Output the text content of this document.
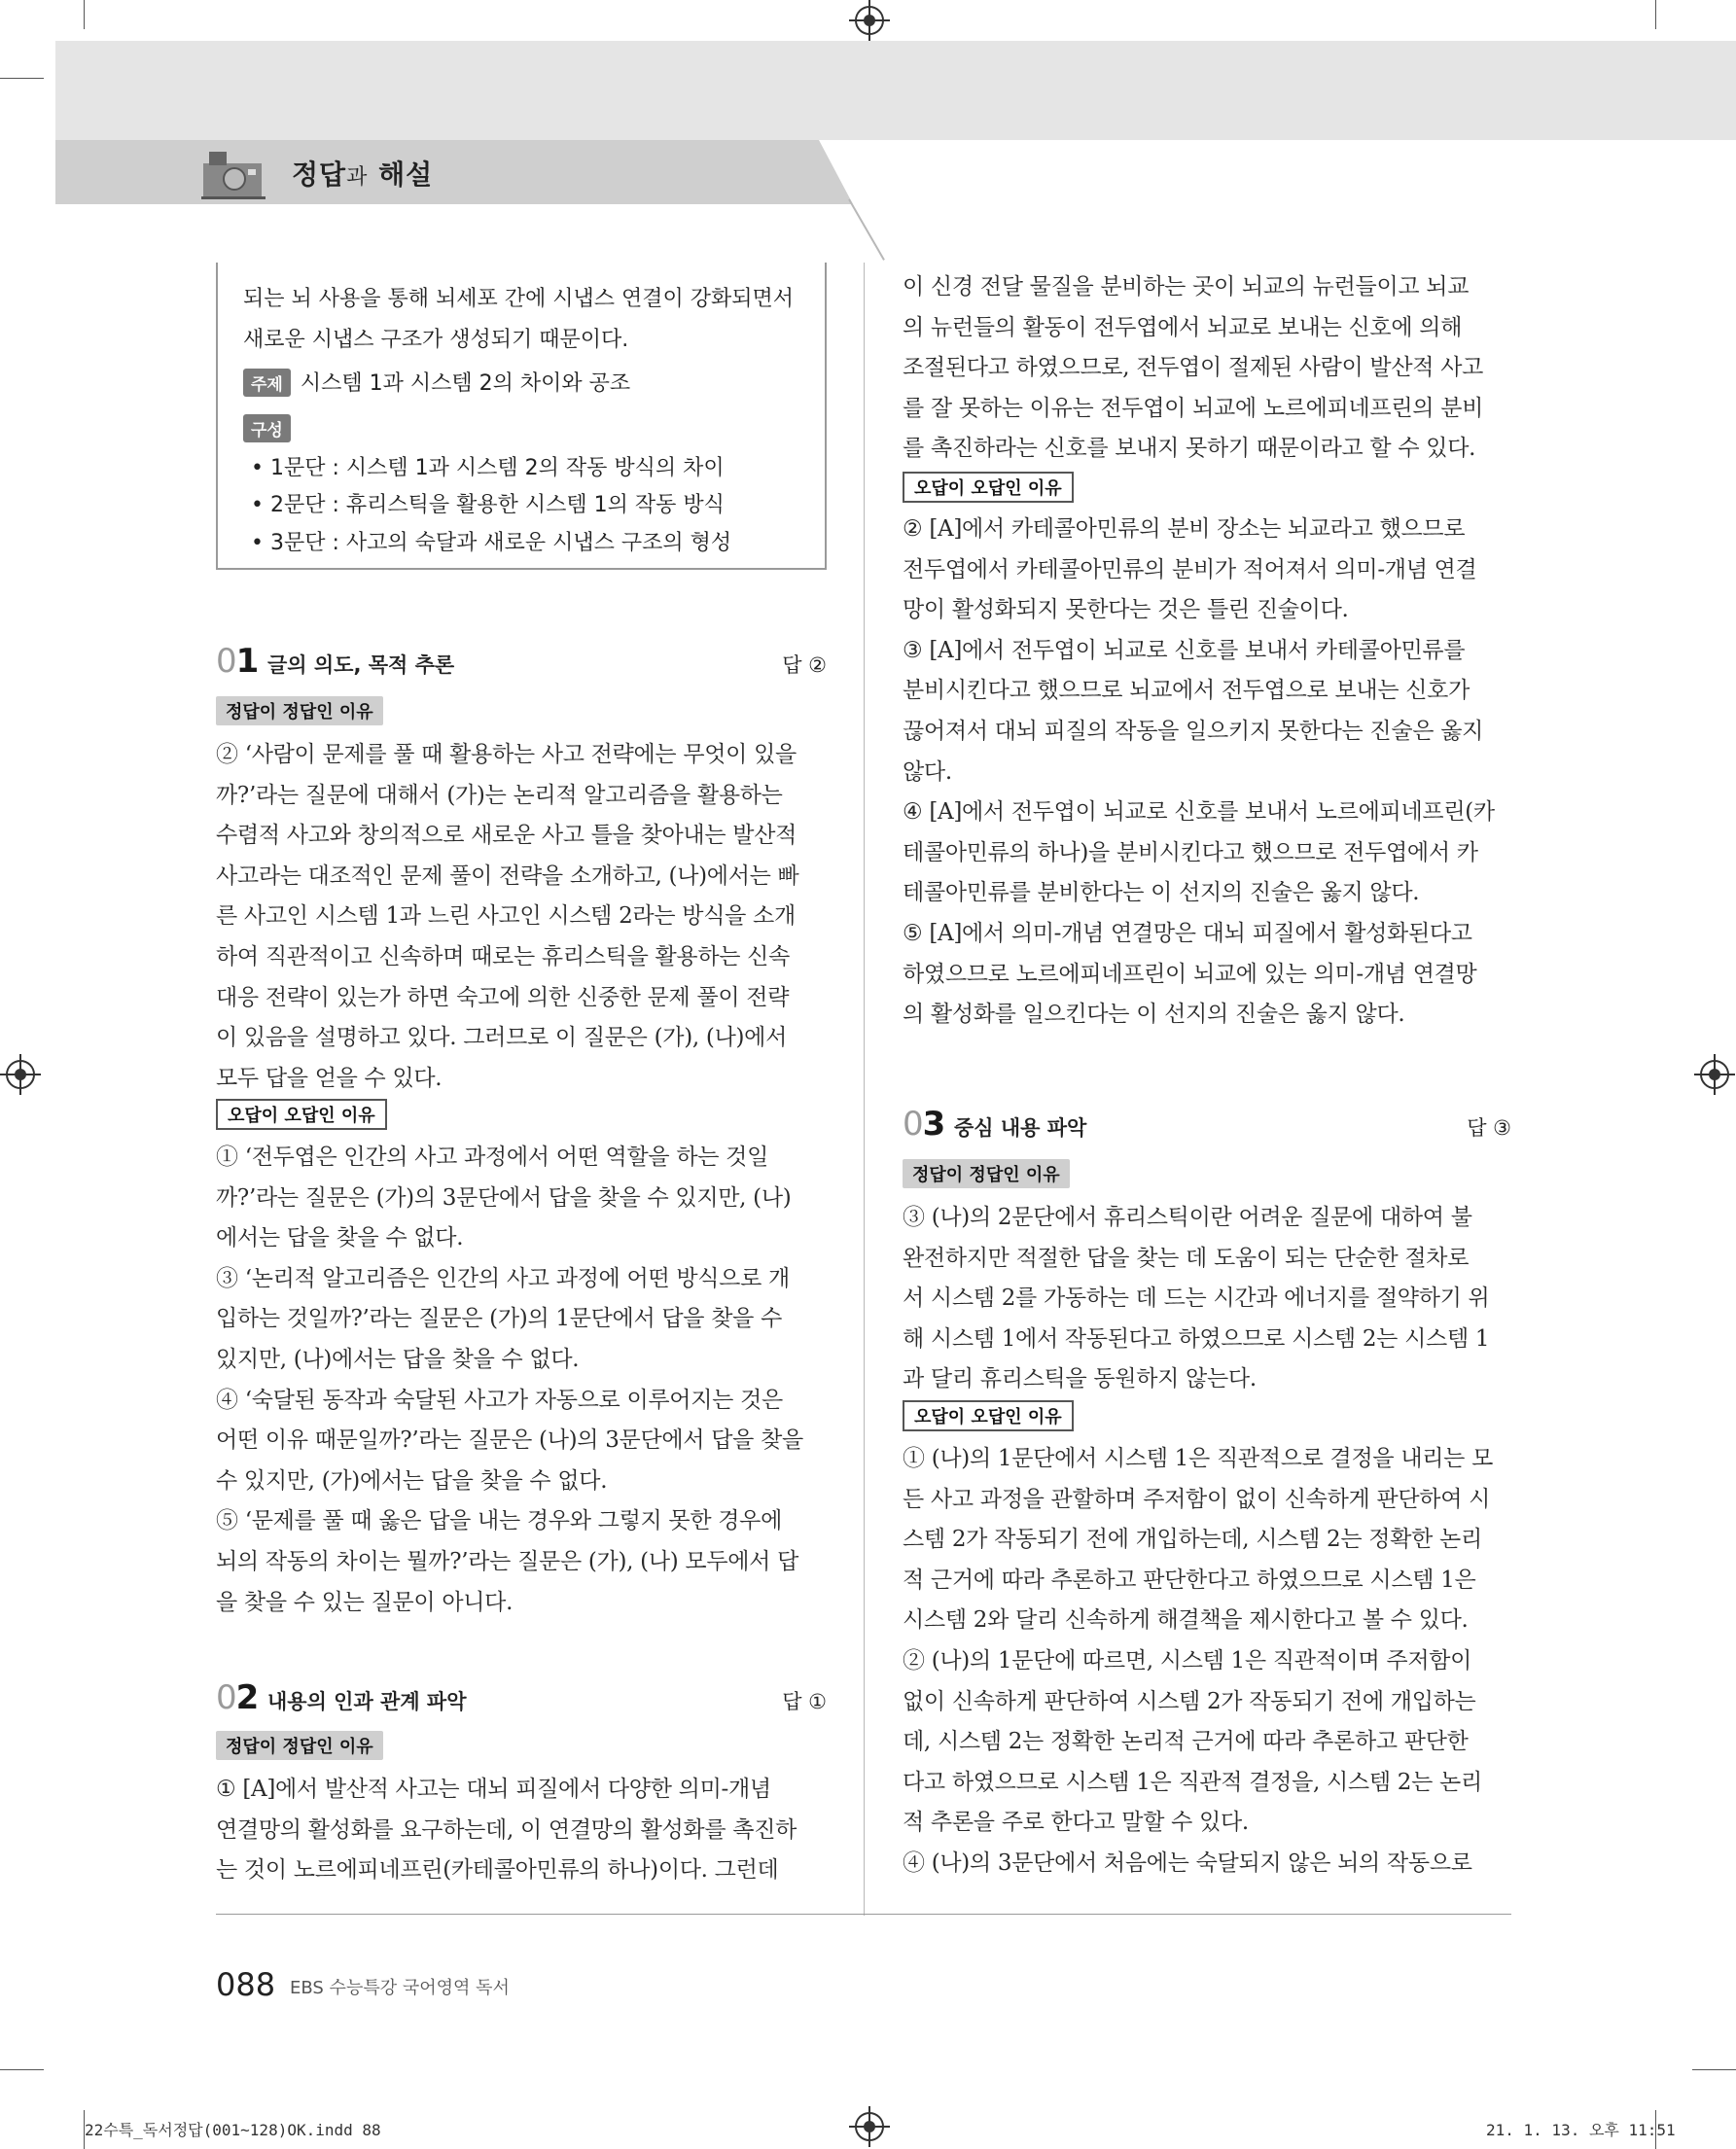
정답과 해설
되는 뇌 사용을 통해 뇌세포 간에 시냅스 연결이 강화되면서
새로운 시냅스 구조가 생성되기 때문이다.
주제 시스템 1과 시스템 2의 차이와 공조
구성
• 1문단 : 시스템 1과 시스템 2의 작동 방식의 차이
• 2문단 : 휴리스틱을 활용한 시스템 1의 작동 방식
• 3문단 : 사고의 숙달과 새로운 시냅스 구조의 형성
01 글의 의도, 목적 추론	답 ②
정답이 정답인 이유
② ‘사람이 문제를 풀 때 활용하는 사고 전략에는 무엇이 있을
까?’라는 질문에 대해서 (가)는 논리적 알고리즘을 활용하는
수렴적 사고와 창의적으로 새로운 사고 틀을 찾아내는 발산적
사고라는 대조적인 문제 풀이 전략을 소개하고, (나)에서는 빠
른 사고인 시스템 1과 느린 사고인 시스템 2라는 방식을 소개
하여 직관적이고 신속하며 때로는 휴리스틱을 활용하는 신속
대응 전략이 있는가 하면 숙고에 의한 신중한 문제 풀이 전략
이 있음을 설명하고 있다. 그러므로 이 질문은 (가), (나)에서
모두 답을 얻을 수 있다.
오답이 오답인 이유
① ‘전두엽은 인간의 사고 과정에서 어떤 역할을 하는 것일
까?’라는 질문은 (가)의 3문단에서 답을 찾을 수 있지만, (나)
에서는 답을 찾을 수 없다.
③ ‘논리적 알고리즘은 인간의 사고 과정에 어떤 방식으로 개
입하는 것일까?’라는 질문은 (가)의 1문단에서 답을 찾을 수
있지만, (나)에서는 답을 찾을 수 없다.
④ ‘숙달된 동작과 숙달된 사고가 자동으로 이루어지는 것은
어떤 이유 때문일까?’라는 질문은 (나)의 3문단에서 답을 찾을
수 있지만, (가)에서는 답을 찾을 수 없다.
⑤ ‘문제를 풀 때 옳은 답을 내는 경우와 그렇지 못한 경우에
뇌의 작동의 차이는 뭘까?’라는 질문은 (가), (나) 모두에서 답
을 찾을 수 있는 질문이 아니다.
02 내용의 인과 관계 파악	답 ①
정답이 정답인 이유
① [A]에서 발산적 사고는 대뇌 피질에서 다양한 의미-개념
연결망의 활성화를 요구하는데, 이 연결망의 활성화를 촉진하
는 것이 노르에피네프린(카테콜아민류의 하나)이다. 그런데
이 신경 전달 물질을 분비하는 곳이 뇌교의 뉴런들이고 뇌교
의 뉴런들의 활동이 전두엽에서 뇌교로 보내는 신호에 의해
조절된다고 하였으므로, 전두엽이 절제된 사람이 발산적 사고
를 잘 못하는 이유는 전두엽이 뇌교에 노르에피네프린의 분비
를 촉진하라는 신호를 보내지 못하기 때문이라고 할 수 있다.
오답이 오답인 이유
② [A]에서 카테콜아민류의 분비 장소는 뇌교라고 했으므로
전두엽에서 카테콜아민류의 분비가 적어져서 의미-개념 연결
망이 활성화되지 못한다는 것은 틀린 진술이다.
③ [A]에서 전두엽이 뇌교로 신호를 보내서 카테콜아민류를
분비시킨다고 했으므로 뇌교에서 전두엽으로 보내는 신호가
끊어져서 대뇌 피질의 작동을 일으키지 못한다는 진술은 옳지
않다.
④ [A]에서 전두엽이 뇌교로 신호를 보내서 노르에피네프린(카
테콜아민류의 하나)을 분비시킨다고 했으므로 전두엽에서 카
테콜아민류를 분비한다는 이 선지의 진술은 옳지 않다.
⑤ [A]에서 의미-개념 연결망은 대뇌 피질에서 활성화된다고
하였으므로 노르에피네프린이 뇌교에 있는 의미-개념 연결망
의 활성화를 일으킨다는 이 선지의 진술은 옳지 않다.
03 중심 내용 파악	답 ③
정답이 정답인 이유
③ (나)의 2문단에서 휴리스틱이란 어려운 질문에 대하여 불
완전하지만 적절한 답을 찾는 데 도움이 되는 단순한 절차로
서 시스템 2를 가동하는 데 드는 시간과 에너지를 절약하기 위
해 시스템 1에서 작동된다고 하였으므로 시스템 2는 시스템 1
과 달리 휴리스틱을 동원하지 않는다.
오답이 오답인 이유
① (나)의 1문단에서 시스템 1은 직관적으로 결정을 내리는 모
든 사고 과정을 관할하며 주저함이 없이 신속하게 판단하여 시
스템 2가 작동되기 전에 개입하는데, 시스템 2는 정확한 논리
적 근거에 따라 추론하고 판단한다고 하였으므로 시스템 1은
시스템 2와 달리 신속하게 해결책을 제시한다고 볼 수 있다.
② (나)의 1문단에 따르면, 시스템 1은 직관적이며 주저함이
없이 신속하게 판단하여 시스템 2가 작동되기 전에 개입하는
데, 시스템 2는 정확한 논리적 근거에 따라 추론하고 판단한
다고 하였으므로 시스템 1은 직관적 결정을, 시스템 2는 논리
적 추론을 주로 한다고 말할 수 있다.
④ (나)의 3문단에서 처음에는 숙달되지 않은 뇌의 작동으로
088 EBS 수능특강 국어영역 독서
22수특_독서정답(001~128)OK.indd 88	21. 1. 13. 오후 11:51
